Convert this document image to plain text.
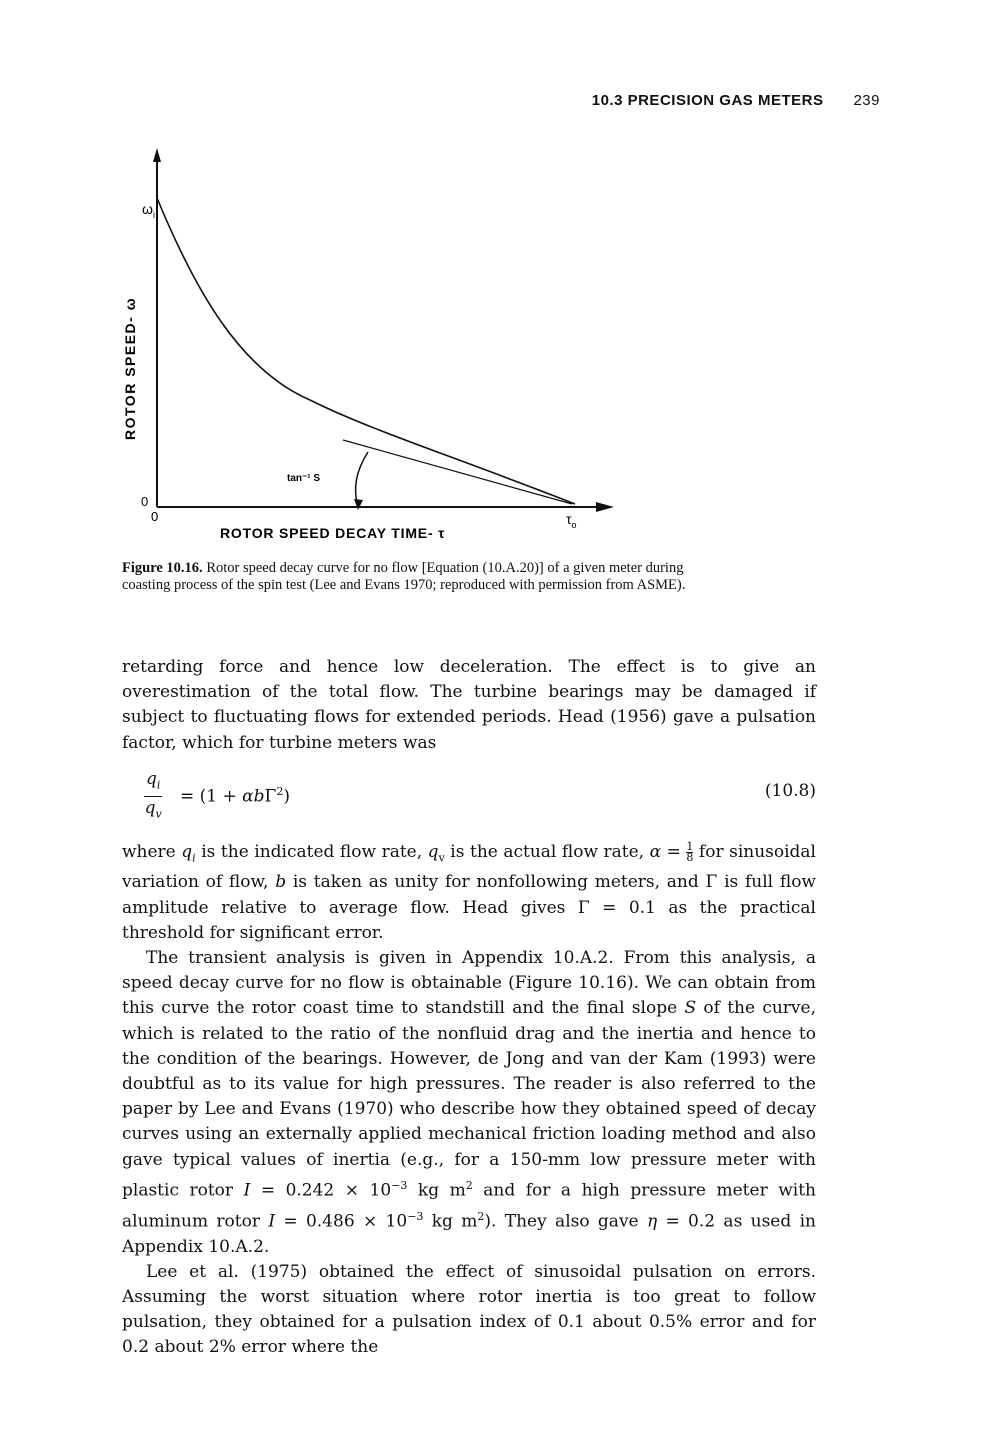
10.3 PRECISION GAS METERS 239
$\omega_i$
ROTOR SPEED- ω
tan⁻¹ S
0
0	$\tau_o$
ROTOR SPEED DECAY TIME- τ
Figure 10.16. Rotor speed decay curve for no flow [Equation (10.A.20)] of a given meter during coasting process of the spin test (Lee and Evans 1970; reproduced with permission from ASME).

retarding force and hence low deceleration. The effect is to give an overestimation of the total flow. The turbine bearings may be damaged if subject to fluctuating flows for extended periods. Head (1956) gave a pulsation factor, which for turbine meters was

$\frac{q_i}{q_v} = (1 + \alpha b\Gamma^2)$	(10.8)

where $q_i$ is the indicated flow rate, $q_v$ is the actual flow rate, $\alpha = \frac{1}{8}$ for sinusoidal variation of flow, b is taken as unity for nonfollowing meters, and Γ is full flow amplitude relative to average flow. Head gives Γ = 0.1 as the practical threshold for significant error.

The transient analysis is given in Appendix 10.A.2. From this analysis, a speed decay curve for no flow is obtainable (Figure 10.16). We can obtain from this curve the rotor coast time to standstill and the final slope S of the curve, which is related to the ratio of the nonfluid drag and the inertia and hence to the condition of the bearings. However, de Jong and van der Kam (1993) were doubtful as to its value for high pressures. The reader is also referred to the paper by Lee and Evans (1970) who describe how they obtained speed of decay curves using an externally applied mechanical friction loading method and also gave typical values of inertia (e.g., for a 150-mm low pressure meter with plastic rotor $I = 0.242 \times 10^{-3}$ kg $m^2$ and for a high pressure meter with aluminum rotor $I = 0.486 \times 10^{-3}$ kg $m^2$). They also gave η = 0.2 as used in Appendix 10.A.2.

Lee et al. (1975) obtained the effect of sinusoidal pulsation on errors. Assuming the worst situation where rotor inertia is too great to follow pulsation, they obtained for a pulsation index of 0.1 about 0.5% error and for 0.2 about 2% error where the
